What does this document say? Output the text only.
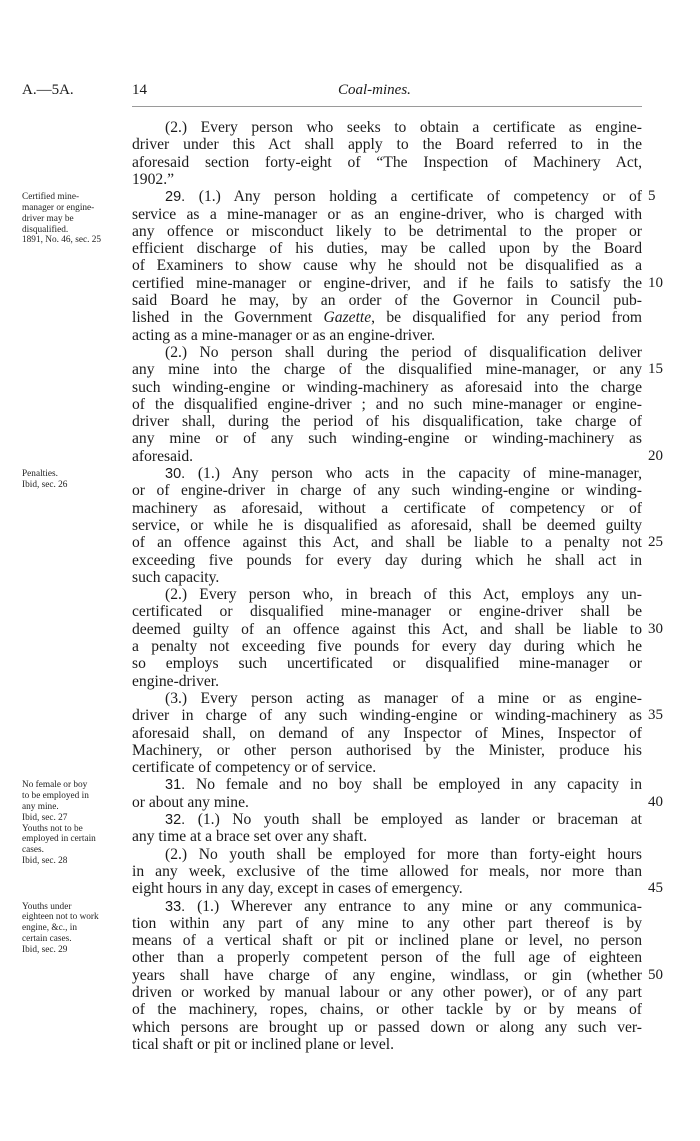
A.—5A.	14	Coal-mines.
(2.) Every person who seeks to obtain a certificate as engine-
driver under this Act shall apply to the Board referred to in the
aforesaid section forty-eight of “The Inspection of Machinery Act,
1902.”
29. (1.) Any person holding a certificate of competency or of
service as a mine-manager or as an engine-driver, who is charged with
any offence or misconduct likely to be detrimental to the proper or
efficient discharge of his duties, may be called upon by the Board
of Examiners to show cause why he should not be disqualified as a
certified mine-manager or engine-driver, and if he fails to satisfy the
said Board he may, by an order of the Governor in Council pub-
lished in the Government Gazette, be disqualified for any period from
acting as a mine-manager or as an engine-driver.
(2.) No person shall during the period of disqualification deliver
any mine into the charge of the disqualified mine-manager, or any
such winding-engine or winding-machinery as aforesaid into the charge
of the disqualified engine-driver ; and no such mine-manager or engine-
driver shall, during the period of his disqualification, take charge of
any mine or of any such winding-engine or winding-machinery as
aforesaid.
30. (1.) Any person who acts in the capacity of mine-manager,
or of engine-driver in charge of any such winding-engine or winding-
machinery as aforesaid, without a certificate of competency or of
service, or while he is disqualified as aforesaid, shall be deemed guilty
of an offence against this Act, and shall be liable to a penalty not
exceeding five pounds for every day during which he shall act in
such capacity.
(2.) Every person who, in breach of this Act, employs any un-
certificated or disqualified mine-manager or engine-driver shall be
deemed guilty of an offence against this Act, and shall be liable to
a penalty not exceeding five pounds for every day during which he
so employs such uncertificated or disqualified mine-manager or
engine-driver.
(3.) Every person acting as manager of a mine or as engine-
driver in charge of any such winding-engine or winding-machinery as
aforesaid shall, on demand of any Inspector of Mines, Inspector of
Machinery, or other person authorised by the Minister, produce his
certificate of competency or of service.
31. No female and no boy shall be employed in any capacity in
or about any mine.
32. (1.) No youth shall be employed as lander or braceman at
any time at a brace set over any shaft.
(2.) No youth shall be employed for more than forty-eight hours
in any week, exclusive of the time allowed for meals, nor more than
eight hours in any day, except in cases of emergency.
33. (1.) Wherever any entrance to any mine or any communica-
tion within any part of any mine to any other part thereof is by
means of a vertical shaft or pit or inclined plane or level, no person
other than a properly competent person of the full age of eighteen
years shall have charge of any engine, windlass, or gin (whether
driven or worked by manual labour or any other power), or of any part
of the machinery, ropes, chains, or other tackle by or by means of
which persons are brought up or passed down or along any such ver-
tical shaft or pit or inclined plane or level.
Certified mine-
manager or engine-
driver may be
disqualified.
1891, No. 46, sec. 25
Penalties.
Ibid, sec. 26
No female or boy
to be employed in
any mine.
Ibid, sec. 27
Youths not to be
employed in certain
cases.
Ibid, sec. 28
Youths under
eighteen not to work
engine, &c., in
certain cases.
Ibid, sec. 29
5
10
15
20
25
30
35
40
45
50
